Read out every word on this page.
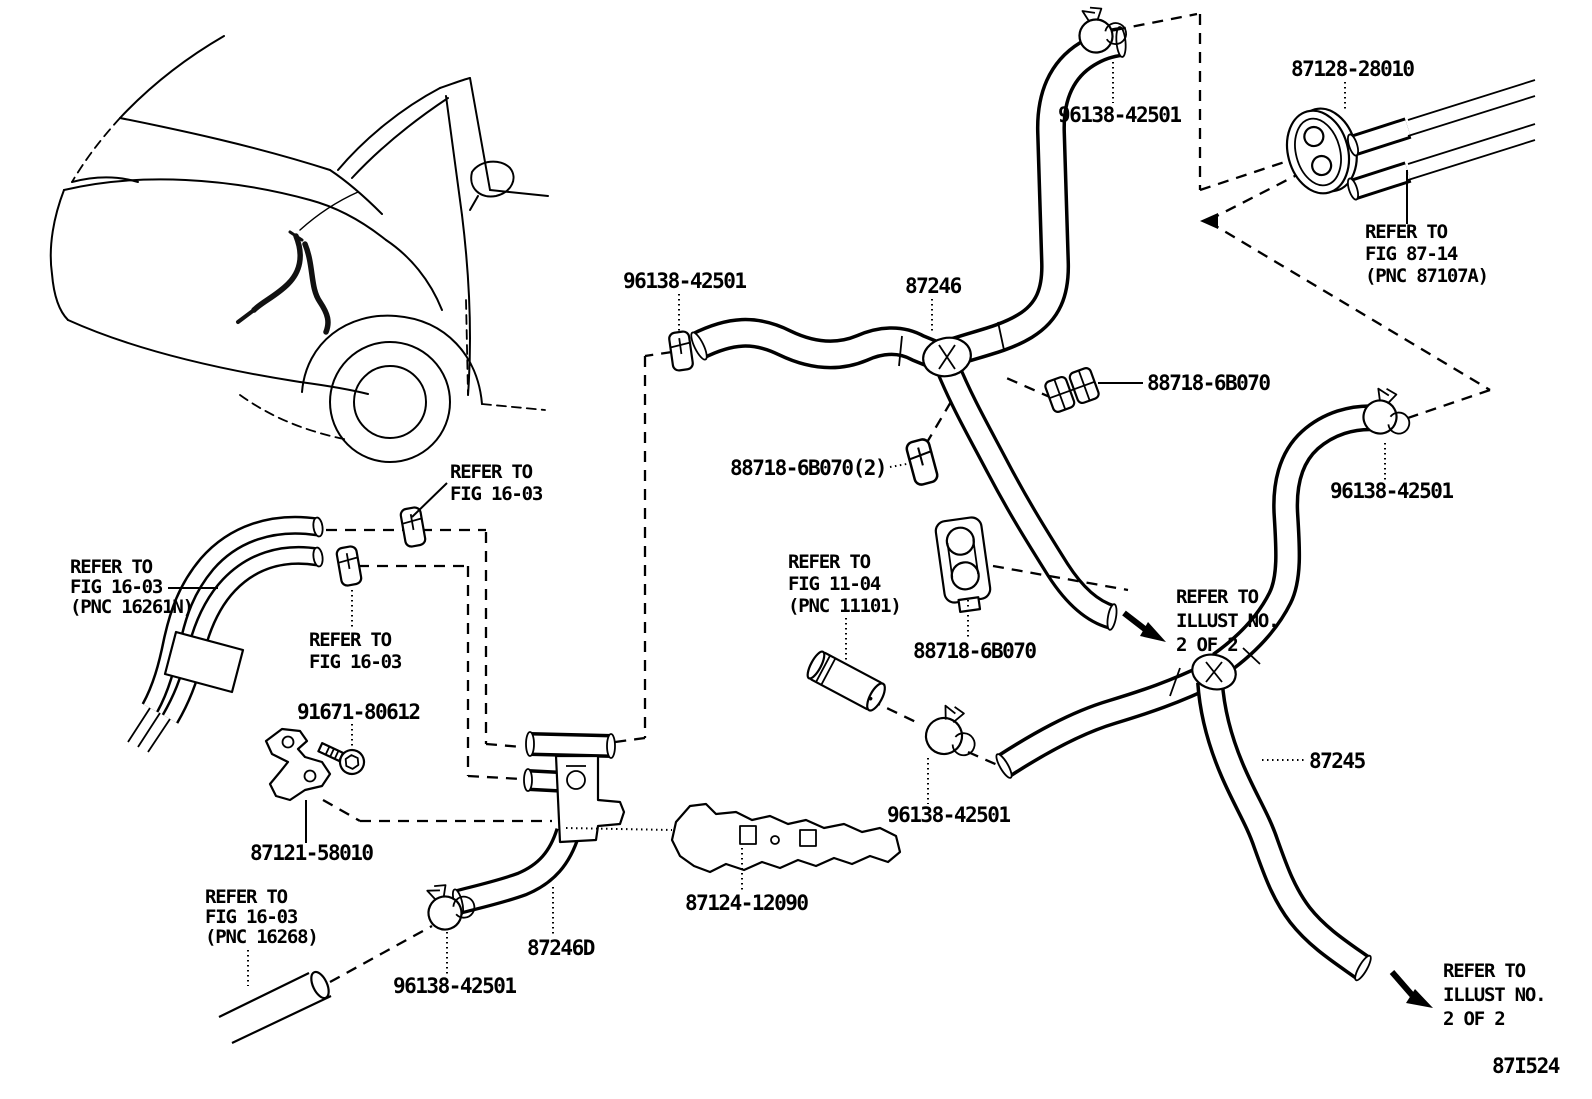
96138-42501
87128-28010
96138-42501	87246
88718-6B070(2)
88718-6B070
96138-42501
91671-80612
87121-58010
96138-42501
87246D
87124-12090
88718-6B070
96138-42501
87245
87I524
REFER TO
FIG 16-03
REFER TO
FIG 16-03
(PNC 16261N)
REFER TO
FIG 16-03
REFER TO
FIG 16-03
(PNC 16268)
REFER TO
FIG 11-04
(PNC 11101)
REFER TO
FIG 87-14
(PNC 87107A)
REFER TO
ILLUST NO.
2 OF 2
REFER TO
ILLUST NO.
2 OF 2
